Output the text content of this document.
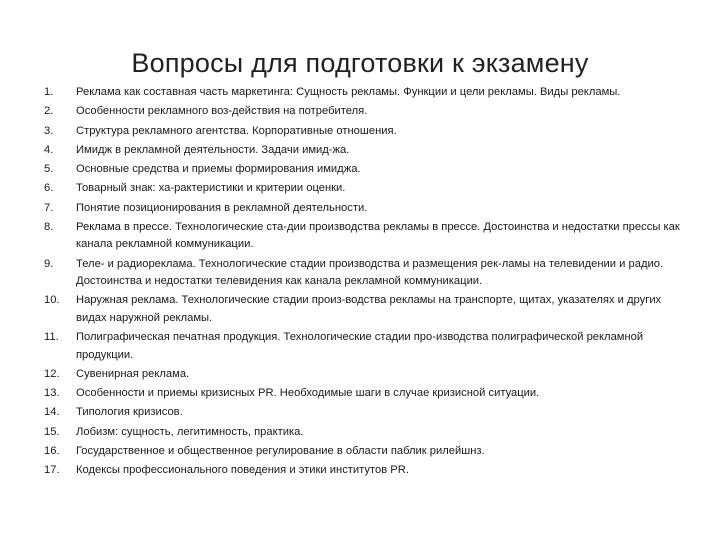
Вопросы для подготовки к экзамену
1.	Реклама как составная часть маркетинга: Сущность рекламы. Функции и цели рекламы. Виды рекламы.
2.	Особенности рекламного воз-действия на потребителя.
3.	Структура рекламного агентства. Корпоративные отношения.
4.	Имидж в рекламной деятельности. Задачи имид-жа.
5.	Основные средства и приемы формирования имиджа.
6.	Товарный знак: ха-рактеристики и критерии оценки.
7.	Понятие позиционирования в рекламной деятельности.
8.	Реклама в прессе. Технологические ста-дии производства рекламы в прессе. Достоинства и недостатки прессы как канала рекламной коммуникации.
9.	Теле- и радиореклама. Технологические стадии производства и размещения рек-ламы на телевидении и радио. Достоинства и недостатки телевидения как канала рекламной коммуникации.
10.	Наружная реклама. Технологические стадии произ-водства рекламы на транспорте, щитах, указателях и других видах наружной рекламы.
11.	Полиграфическая печатная продукция. Технологические стадии про-изводства полиграфической рекламной продукции.
12.	Сувенирная реклама.
13.	Особенности и приемы кризисных PR. Необходимые шаги в случае кризисной ситуации.
14.	Типология кризисов.
15.	Лобизм: сущность, легитимность, практика.
16.	Государственное и общественное регулирование в области паблик рилейшнз.
17.	Кодексы профессионального поведения и этики институтов PR.
